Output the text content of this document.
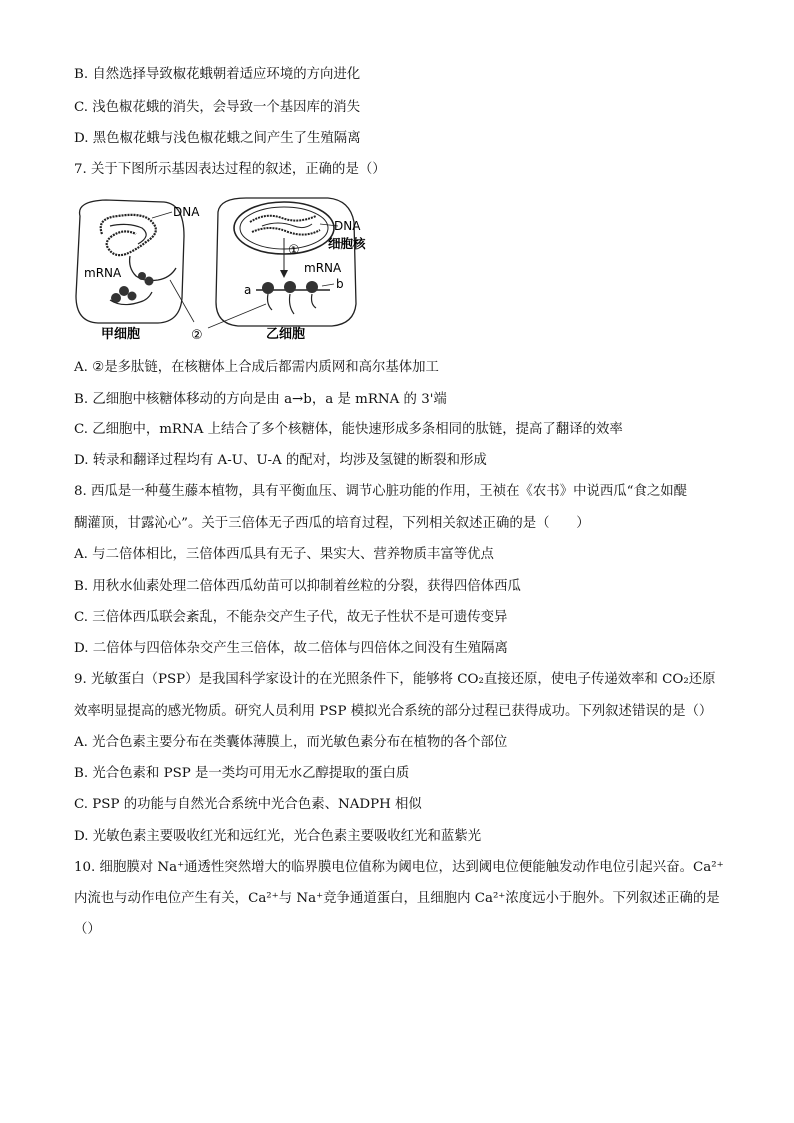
B. 自然选择导致椒花蛾朝着适应环境的方向进化
C. 浅色椒花蛾的消失，会导致一个基因库的消失
D. 黑色椒花蛾与浅色椒花蛾之间产生了生殖隔离
7. 关于下图所示基因表达过程的叙述，正确的是（）
DNA
mRNA
甲细胞	②
DNA
细胞核
①
mRNA
a	b
乙细胞
A. ②是多肽链，在核糖体上合成后都需内质网和高尔基体加工
B. 乙细胞中核糖体移动的方向是由 a→b，a 是 mRNA 的 3'端
C. 乙细胞中，mRNA 上结合了多个核糖体，能快速形成多条相同的肽链，提高了翻译的效率
D. 转录和翻译过程均有 A-U、U-A 的配对，均涉及氢键的断裂和形成
8. 西瓜是一种蔓生藤本植物，具有平衡血压、调节心脏功能的作用，王祯在《农书》中说西瓜“食之如醍
醐灌顶，甘露沁心”。关于三倍体无子西瓜的培育过程，下列相关叙述正确的是（　　）
A. 与二倍体相比，三倍体西瓜具有无子、果实大、营养物质丰富等优点
B. 用秋水仙素处理二倍体西瓜幼苗可以抑制着丝粒的分裂，获得四倍体西瓜
C. 三倍体西瓜联会紊乱，不能杂交产生子代，故无子性状不是可遗传变异
D. 二倍体与四倍体杂交产生三倍体，故二倍体与四倍体之间没有生殖隔离
9. 光敏蛋白（PSP）是我国科学家设计的在光照条件下，能够将 CO₂直接还原，使电子传递效率和 CO₂还原
效率明显提高的感光物质。研究人员利用 PSP 模拟光合系统的部分过程已获得成功。下列叙述错误的是（）
A. 光合色素主要分布在类囊体薄膜上，而光敏色素分布在植物的各个部位
B. 光合色素和 PSP 是一类均可用无水乙醇提取的蛋白质
C. PSP 的功能与自然光合系统中光合色素、NADPH 相似
D. 光敏色素主要吸收红光和远红光，光合色素主要吸收红光和蓝紫光
10. 细胞膜对 Na⁺通透性突然增大的临界膜电位值称为阈电位，达到阈电位便能触发动作电位引起兴奋。Ca²⁺
内流也与动作电位产生有关，Ca²⁺与 Na⁺竞争通道蛋白，且细胞内 Ca²⁺浓度远小于胞外。下列叙述正确的是
（）
